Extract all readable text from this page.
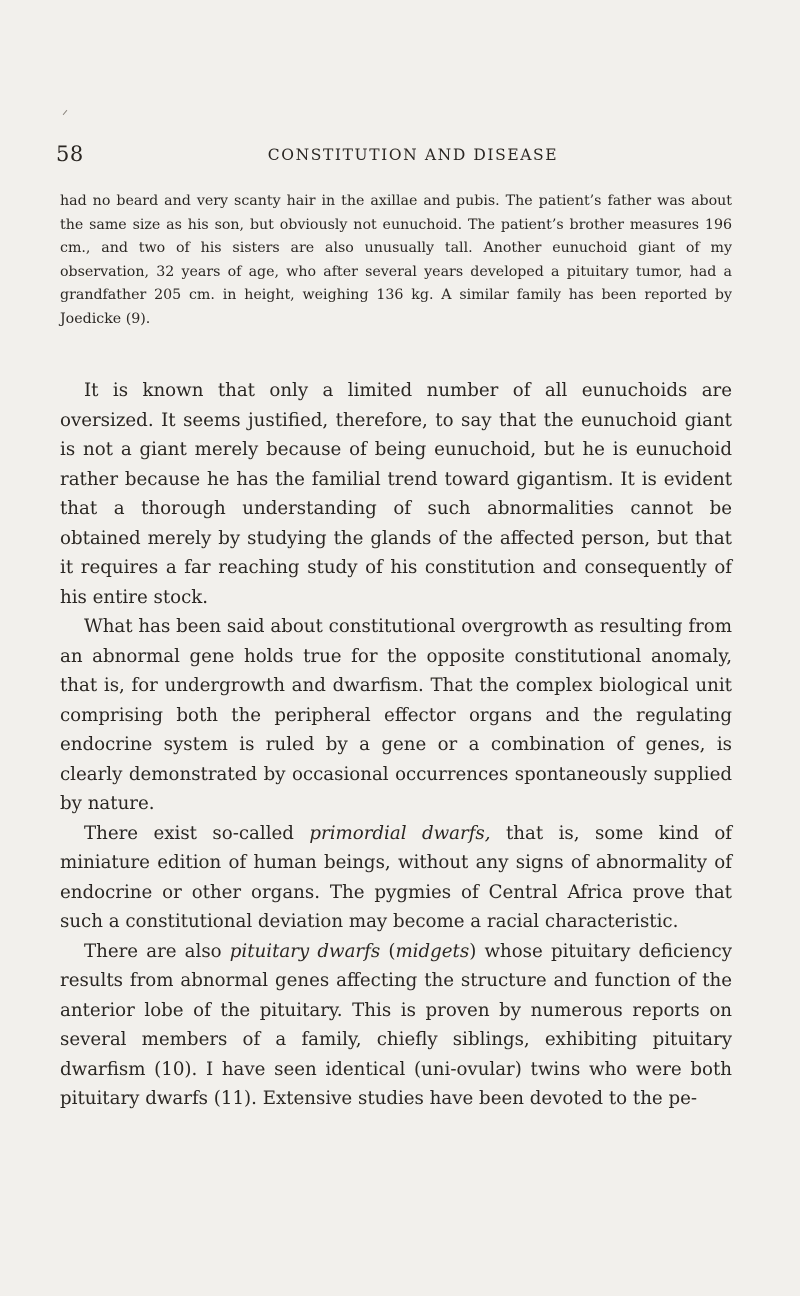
58	CONSTITUTION AND DISEASE

had no beard and very scanty hair in the axillae and pubis. The patient’s father was about the same size as his son, but obviously not eunuchoid. The patient’s brother measures 196 cm., and two of his sisters are also unusually tall. Another eunuchoid giant of my observation, 32 years of age, who after several years developed a pituitary tumor, had a grandfather 205 cm. in height, weighing 136 kg. A similar family has been reported by Joedicke (9).

It is known that only a limited number of all eunuchoids are oversized. It seems justified, therefore, to say that the eunuchoid giant is not a giant merely because of being eunuchoid, but he is eunuchoid rather because he has the familial trend toward gigantism. It is evident that a thorough understanding of such abnormalities cannot be obtained merely by studying the glands of the affected person, but that it requires a far reaching study of his constitution and consequently of his entire stock.

What has been said about constitutional overgrowth as resulting from an abnormal gene holds true for the opposite constitutional anomaly, that is, for undergrowth and dwarfism. That the complex biological unit comprising both the peripheral effector organs and the regulating endocrine system is ruled by a gene or a combination of genes, is clearly demonstrated by occasional occurrences spontaneously supplied by nature.

There exist so-called primordial dwarfs, that is, some kind of miniature edition of human beings, without any signs of abnormality of endocrine or other organs. The pygmies of Central Africa prove that such a constitutional deviation may become a racial characteristic.

There are also pituitary dwarfs (midgets) whose pituitary deficiency results from abnormal genes affecting the structure and function of the anterior lobe of the pituitary. This is proven by numerous reports on several members of a family, chiefly siblings, exhibiting pituitary dwarfism (10). I have seen identical (uni-ovular) twins who were both pituitary dwarfs (11). Extensive studies have been devoted to the pe-
